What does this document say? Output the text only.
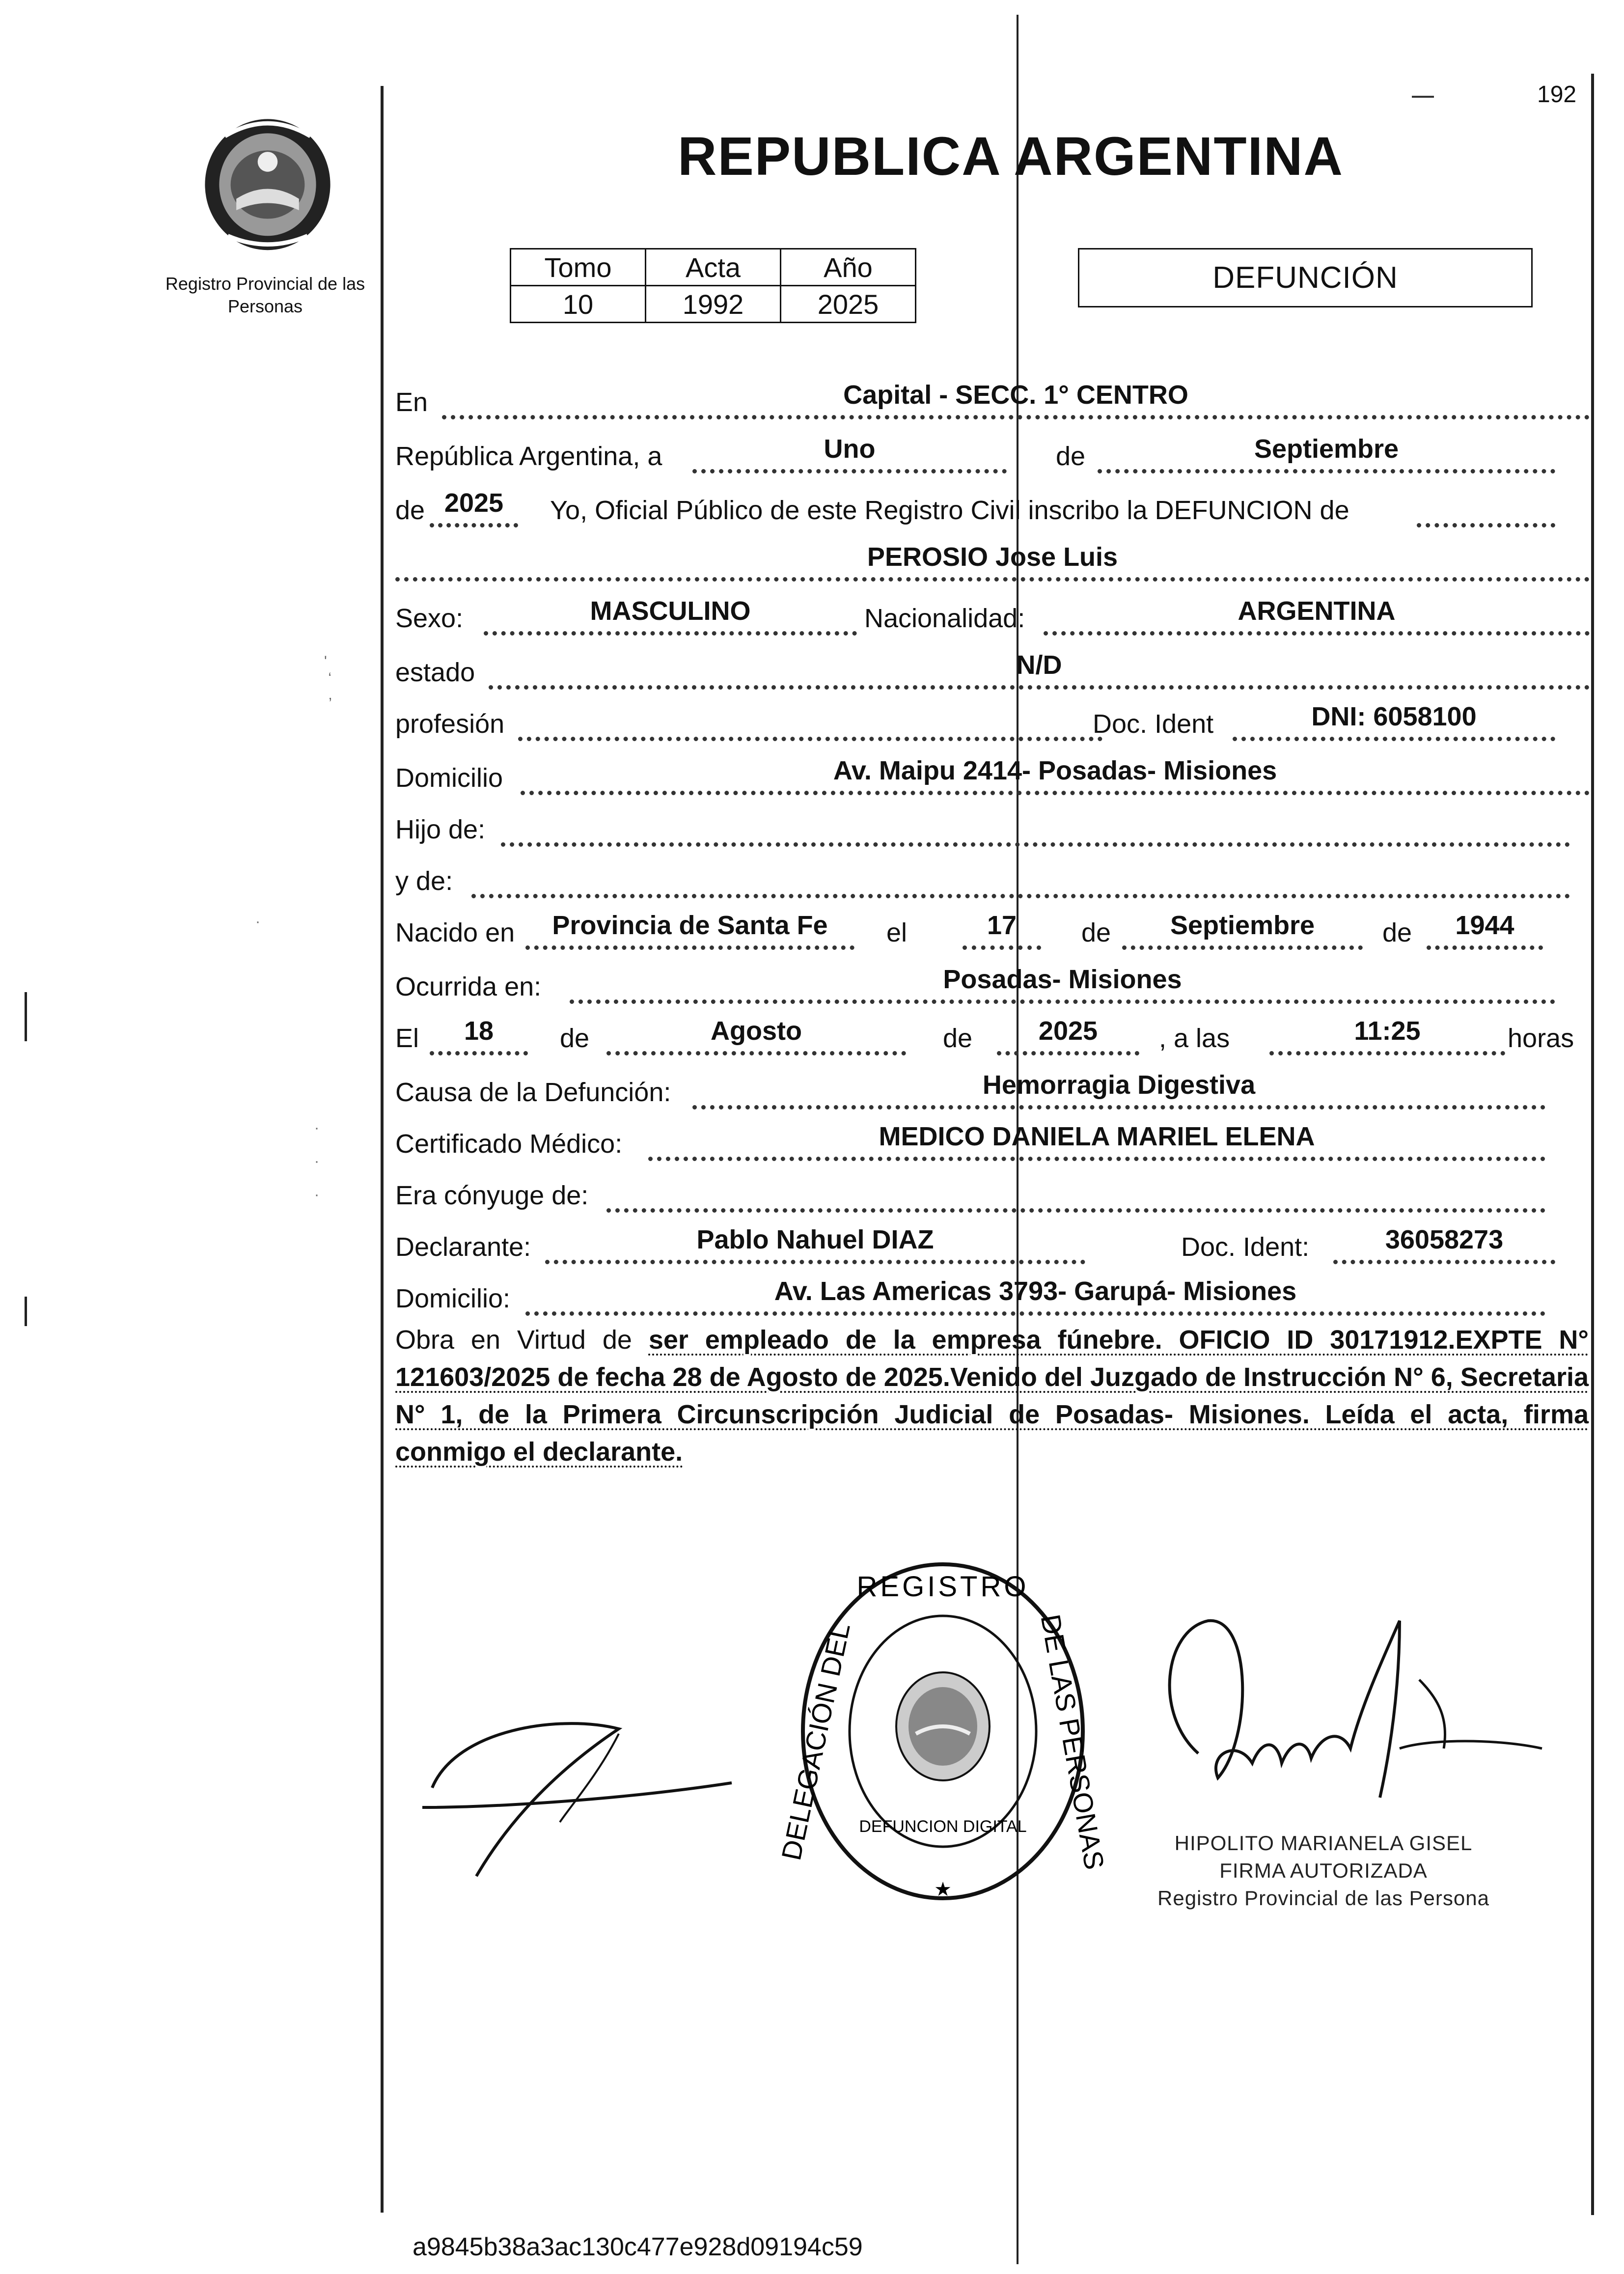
'
‘
,
·
·

·

·
Registro Provincial de las Personas
192
REPUBLICA ARGENTINA
Tomo	Acta	Año
10	1992	2025
DEFUNCIÓN
En	Capital - SECC. 1° CENTRO
República Argentina, a	Uno	de	Septiembre
de 2025	Yo, Oficial Público de este Registro Civil inscribo la DEFUNCION de
PEROSIO Jose Luis
Sexo:	MASCULINO	Nacionalidad:	ARGENTINA
estado	N/D
profesión	Doc. Ident	DNI: 6058100
Domicilio	Av. Maipu 2414- Posadas- Misiones
Hijo de:
y de:
Nacido en	Provincia de Santa Fe	el	17	de	Septiembre	de	1944
Ocurrida en:	Posadas- Misiones
El	18	de	Agosto	de	2025	, a las	11:25	horas
Causa de la Defunción:	Hemorragia Digestiva
Certificado Médico:	MEDICO DANIELA MARIEL ELENA
Era cónyuge de:
Declarante:	Pablo Nahuel DIAZ	Doc. Ident:	36058273
Domicilio:	Av. Las Americas 3793- Garupá- Misiones
Obra en Virtud de ser empleado de la empresa fúnebre. OFICIO ID 30171912.EXPTE N° 121603/2025 de fecha 28 de Agosto de 2025.Venido del Juzgado de Instrucción N° 6, Secretaria N° 1, de la Primera Circunscripción Judicial de Posadas- Misiones. Leída el acta, firma conmigo el declarante.
REGISTRO
★
DEFUNCION DIGITAL
DELEGACIÓN DEL	DE LAS PERSONAS	HIPOLITO MARIANELA GISEL
FIRMA AUTORIZADA
Registro Provincial de las Persona
a9845b38a3ac130c477e928d09194c59
